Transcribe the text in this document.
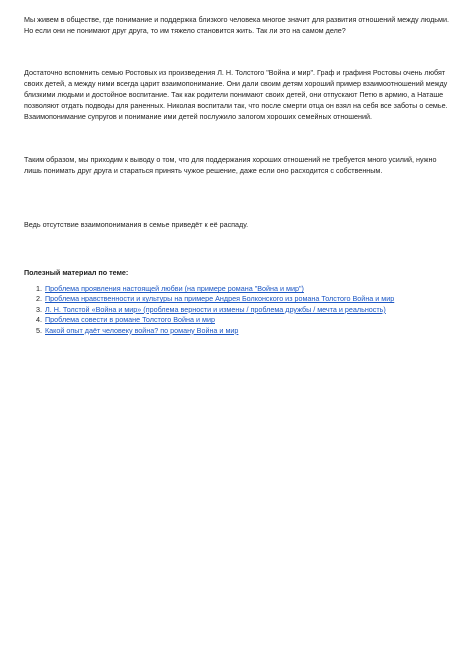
Мы живем в обществе, где понимание и поддержка близкого человека многое значит для развития отношений между людьми. Но если они не понимают друг друга, то им тяжело становится жить. Так ли это на самом деле?

Достаточно вспомнить семью Ростовых из произведения Л. Н. Толстого "Война и мир". Граф и графиня Ростовы очень любят своих детей, а между ними всегда царит взаимопонимание. Они дали своим детям хороший пример взаимоотношений между близкими людьми и достойное воспитание. Так как родители понимают своих детей, они отпускают Петю в армию, а Наташе позволяют отдать подводы для раненных. Николая воспитали так, что после смерти отца он взял на себя все заботы о семье. Взаимопонимание супругов и понимание ими детей послужило залогом хороших семейных отношений.

Таким образом, мы приходим к выводу о том, что для поддержания хороших отношений не требуется много усилий, нужно лишь понимать друг друга и стараться принять чужое решение, даже если оно расходится с собственным.

Ведь отсутствие взаимопонимания в семье приведёт к её распаду.

Полезный материал по теме:
1. Проблема проявления настоящей любви (на примере романа "Война и мир")
2. Проблема нравственности и культуры на примере Андрея Болконского из романа Толстого Война и мир
3. Л. Н. Толстой «Война и мир» (проблема верности и измены / проблема дружбы / мечта и реальность)
4. Проблема совести в романе Толстого Война и мир
5. Какой опыт даёт человеку война? по роману Война и мир
